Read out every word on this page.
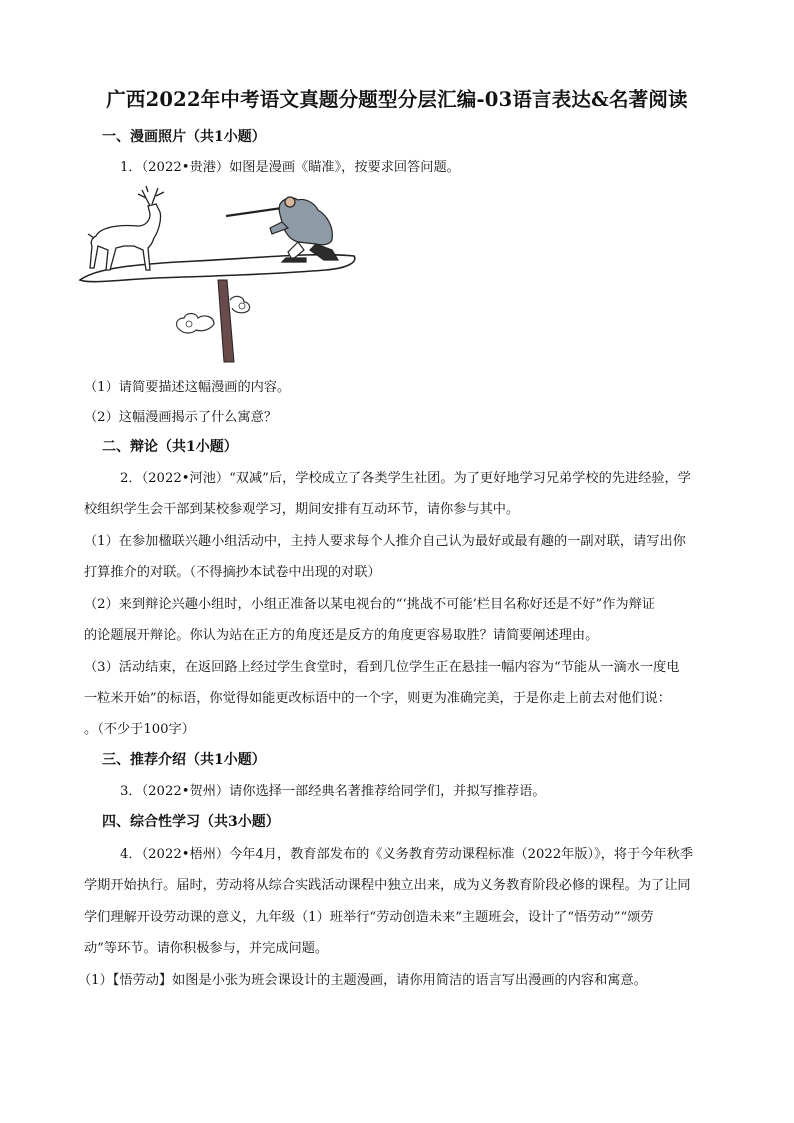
广西2022年中考语文真题分题型分层汇编-03语言表达&名著阅读
一、漫画照片（共1小题）
1．（2022•贵港）如图是漫画《瞄准》，按要求回答问题。
（1）请简要描述这幅漫画的内容。
（2）这幅漫画揭示了什么寓意？
二、辩论（共1小题）
2．（2022•河池）“双减”后，学校成立了各类学生社团。为了更好地学习兄弟学校的先进经验，学
校组织学生会干部到某校参观学习，期间安排有互动环节，请你参与其中。
（1）在参加楹联兴趣小组活动中，主持人要求每个人推介自己认为最好或最有趣的一副对联，请写出你
打算推介的对联。（不得摘抄本试卷中出现的对联）
（2）来到辩论兴趣小组时，小组正准备以某电视台的“‘挑战不可能’栏目名称好还是不好”作为辩证
的论题展开辩论。你认为站在正方的角度还是反方的角度更容易取胜？请简要阐述理由。
（3）活动结束，在返回路上经过学生食堂时，看到几位学生正在悬挂一幅内容为“节能从一滴水一度电
一粒米开始”的标语，你觉得如能更改标语中的一个字，则更为准确完美，于是你走上前去对他们说：
。（不少于100字）
三、推荐介绍（共1小题）
3．（2022•贺州）请你选择一部经典名著推荐给同学们，并拟写推荐语。
四、综合性学习（共3小题）
4．（2022•梧州）今年4月，教育部发布的《义务教育劳动课程标准（2022年版）》，将于今年秋季
学期开始执行。届时，劳动将从综合实践活动课程中独立出来，成为义务教育阶段必修的课程。为了让同
学们理解开设劳动课的意义，九年级（1）班举行“劳动创造未来”主题班会，设计了“悟劳动”“颂劳
动”等环节。请你积极参与，并完成问题。
（1）【悟劳动】如图是小张为班会课设计的主题漫画，请你用简洁的语言写出漫画的内容和寓意。
